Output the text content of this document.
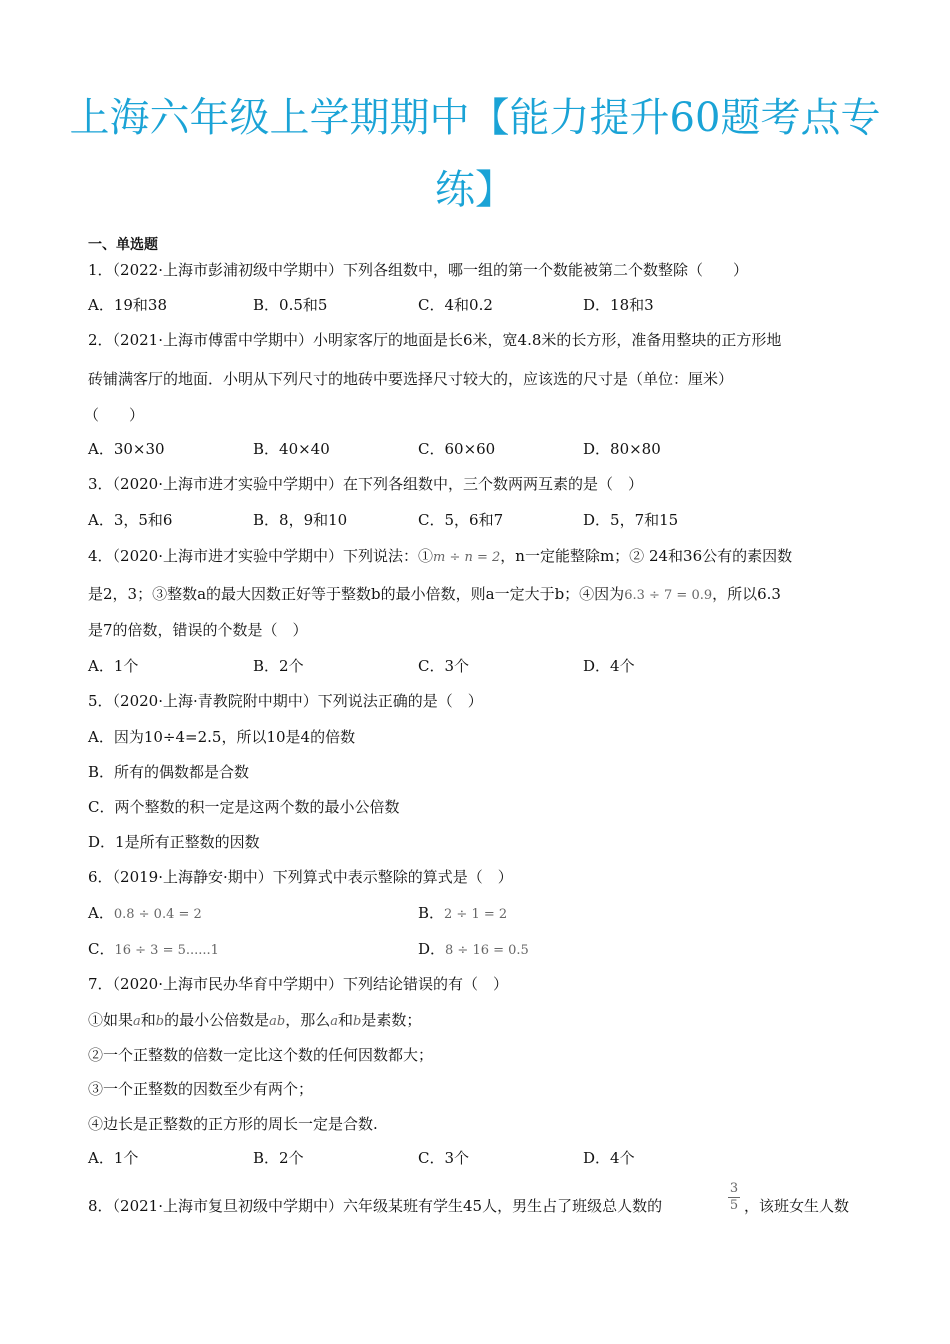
上海六年级上学期期中【能力提升60题考点专
练】
一、单选题
1．（2022·上海市彭浦初级中学期中）下列各组数中，哪一组的第一个数能被第二个数整除（　　）
A．19和38	B．0.5和5	C．4和0.2	D．18和3
2．（2021·上海市傅雷中学期中）小明家客厅的地面是长6米，宽4.8米的长方形，准备用整块的正方形地
砖铺满客厅的地面．小明从下列尺寸的地砖中要选择尺寸较大的，应该选的尺寸是（单位：厘米）
（　　）
A．30×30	B．40×40	C．60×60	D．80×80
3．（2020·上海市进才实验中学期中）在下列各组数中，三个数两两互素的是（　）
A．3，5和6	B．8，9和10	C．5，6和7	D．5，7和15
4．（2020·上海市进才实验中学期中）下列说法：①m ÷ n = 2，n一定能整除m；② 24和36公有的素因数
是2，3；③整数a的最大因数正好等于整数b的最小倍数，则a一定大于b；④因为6.3 ÷ 7 = 0.9，所以6.3
是7的倍数，错误的个数是（　）
A．1个	B．2个	C．3个	D．4个
5．（2020·上海·青教院附中期中）下列说法正确的是（　）
A．因为10÷4=2.5，所以10是4的倍数
B．所有的偶数都是合数
C．两个整数的积一定是这两个数的最小公倍数
D．1是所有正整数的因数
6．（2019·上海静安·期中）下列算式中表示整除的算式是（　）
A．0.8 ÷ 0.4 = 2	B．2 ÷ 1 = 2
C．16 ÷ 3 = 5......1	D．8 ÷ 16 = 0.5
7．（2020·上海市民办华育中学期中）下列结论错误的有（　）
①如果a和b的最小公倍数是ab，那么a和b是素数；
②一个正整数的倍数一定比这个数的任何因数都大；
③一个正整数的因数至少有两个；
④边长是正整数的正方形的周长一定是合数.
A．1个	B．2个	C．3个	D．4个
8．（2021·上海市复旦初级中学期中）六年级某班有学生45人，男生占了班级总人数的
3
5 ，该班女生人数
